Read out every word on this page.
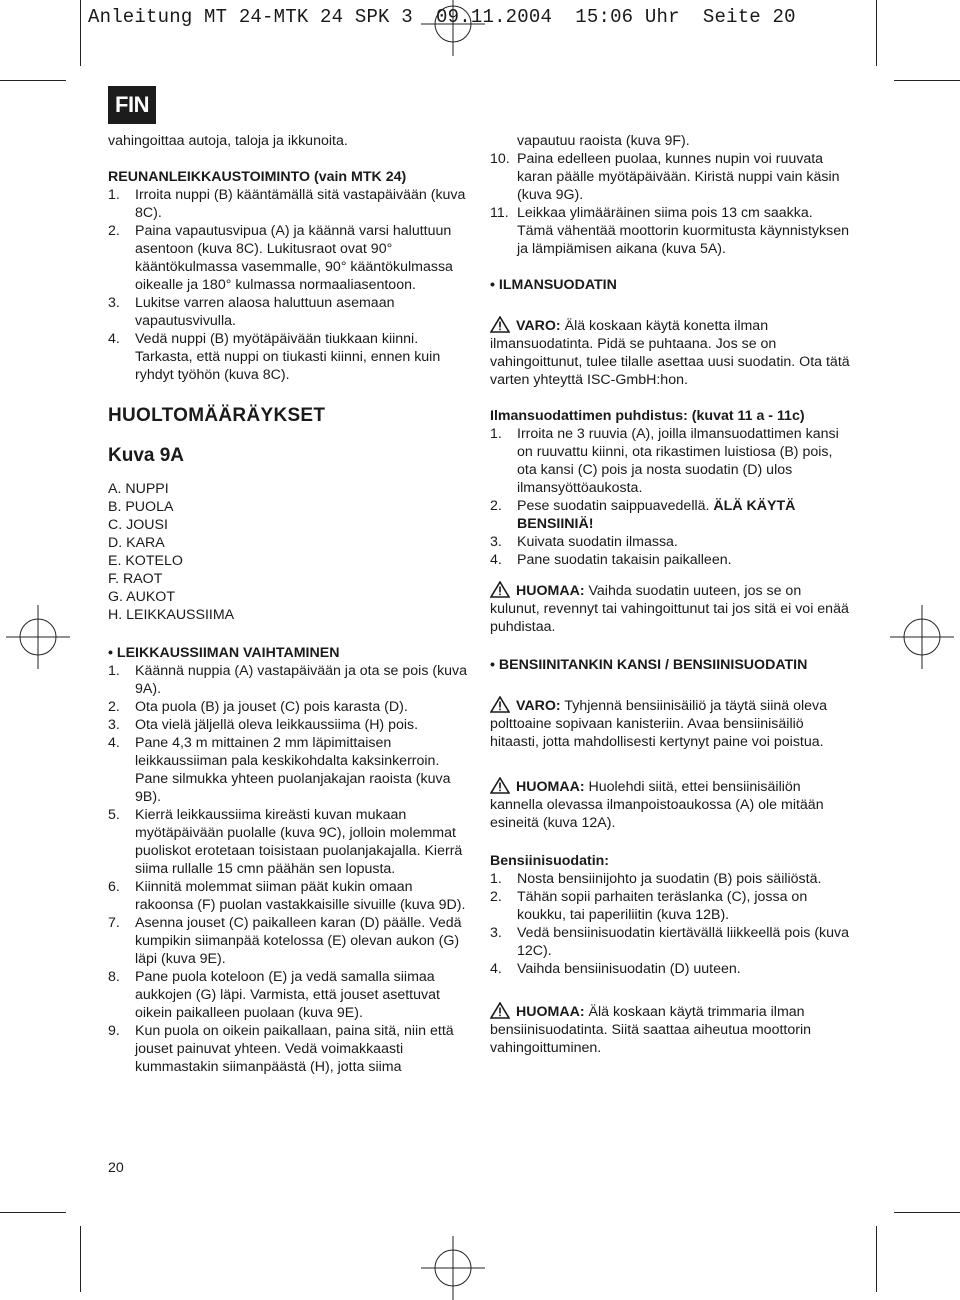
Anleitung MT 24-MTK 24 SPK 3  09.11.2004  15:06 Uhr  Seite 20
FIN

vahingoittaa autoja, taloja ja ikkunoita.

REUNANLEIKKAUSTOIMINTO (vain MTK 24)

1.	Irroita nuppi (B) kääntämällä sitä vastapäivään (kuva 8C).
2.	Paina vapautusvipua (A) ja käännä varsi haluttuun asentoon (kuva 8C). Lukitusraot ovat 90° kääntökulmassa vasemmalle, 90° kääntökulmassa oikealle ja 180° kulmassa normaaliasentoon.
3.	Lukitse varren alaosa haluttuun asemaan vapautusvivulla.
4.	Vedä nuppi (B) myötäpäivään tiukkaan kiinni. Tarkasta, että nuppi on tiukasti kiinni, ennen kuin ryhdyt työhön (kuva 8C).

HUOLTOMÄÄRÄYKSET

Kuva 9A

A. NUPPI

B. PUOLA

C. JOUSI

D. KARA

E. KOTELO

F. RAOT

G. AUKOT

H. LEIKKAUSSIIMA

• LEIKKAUSSIIMAN VAIHTAMINEN

1.	Käännä nuppia (A) vastapäivään ja ota se pois (kuva 9A).
2.	Ota puola (B) ja jouset (C) pois karasta (D).
3.	Ota vielä jäljellä oleva leikkaussiima (H) pois.
4.	Pane 4,3 m mittainen 2 mm läpimittaisen leikkaussiiman pala keskikohdalta kaksinkerroin. Pane silmukka yhteen puolanjakajan raoista (kuva 9B).
5.	Kierrä leikkaussiima kireästi kuvan mukaan myötäpäivään puolalle (kuva 9C), jolloin molemmat puoliskot erotetaan toisistaan puolanjakajalla. Kierrä siima rullalle 15 cmn päähän sen lopusta.
6.	Kiinnitä molemmat siiman päät kukin omaan rakoonsa (F) puolan vastakkaisille sivuille (kuva 9D).
7.	Asenna jouset (C) paikalleen karan (D) päälle. Vedä kumpikin siimanpää kotelossa (E) olevan aukon (G) läpi (kuva 9E).
8.	Pane puola koteloon (E) ja vedä samalla siimaa aukkojen (G) läpi. Varmista, että jouset asettuvat oikein paikalleen puolaan (kuva 9E).
9.	Kun puola on oikein paikallaan, paina sitä, niin että jouset painuvat yhteen. Vedä voimakkaasti kummastakin siimanpäästä (H), jotta siima

vapautuu raoista (kuva 9F).

10. Paina edelleen puolaa, kunnes nupin voi ruuvata karan päälle myötäpäivään. Kiristä nuppi vain käsin (kuva 9G).
11. Leikkaa ylimääräinen siima pois 13 cm saakka. Tämä vähentää moottorin kuormitusta käynnistyksen ja lämpiämisen aikana (kuva 5A).

• ILMANSUODATIN

VARO: Älä koskaan käytä konetta ilman ilmansuodatinta. Pidä se puhtaana. Jos se on vahingoittunut, tulee tilalle asettaa uusi suodatin. Ota tätä varten yhteyttä ISC-GmbH:hon.

Ilmansuodattimen puhdistus: (kuvat 11 a - 11c)

1.	Irroita ne 3 ruuvia (A), joilla ilmansuodattimen kansi on ruuvattu kiinni, ota rikastimen luistiosa (B) pois, ota kansi (C) pois ja nosta suodatin (D) ulos ilmansyöttöaukosta.
2.	Pese suodatin saippuavedellä. ÄLÄ KÄYTÄ BENSIINIÄ!
3.	Kuivata suodatin ilmassa.
4.	Pane suodatin takaisin paikalleen.

HUOMAA: Vaihda suodatin uuteen, jos se on kulunut, revennyt tai vahingoittunut tai jos sitä ei voi enää puhdistaa.

• BENSIINITANKIN KANSI / BENSIINISUODATIN

VARO: Tyhjennä bensiinisäiliö ja täytä siinä oleva polttoaine sopivaan kanisteriin. Avaa bensiinisäiliö hitaasti, jotta mahdollisesti kertynyt paine voi poistua.

HUOMAA: Huolehdi siitä, ettei bensiinisäiliön kannella olevassa ilmanpoistoaukossa (A) ole mitään esineitä (kuva 12A).

Bensiinisuodatin:

1.	Nosta bensiinijohto ja suodatin (B) pois säiliöstä.
2.	Tähän sopii parhaiten teräslanka (C), jossa on koukku, tai paperiliitin (kuva 12B).
3.	Vedä bensiinisuodatin kiertävällä liikkeellä pois (kuva 12C).
4.	Vaihda bensiinisuodatin (D) uuteen.

HUOMAA: Älä koskaan käytä trimmaria ilman bensiinisuodatinta. Siitä saattaa aiheutua moottorin vahingoittuminen.

20
